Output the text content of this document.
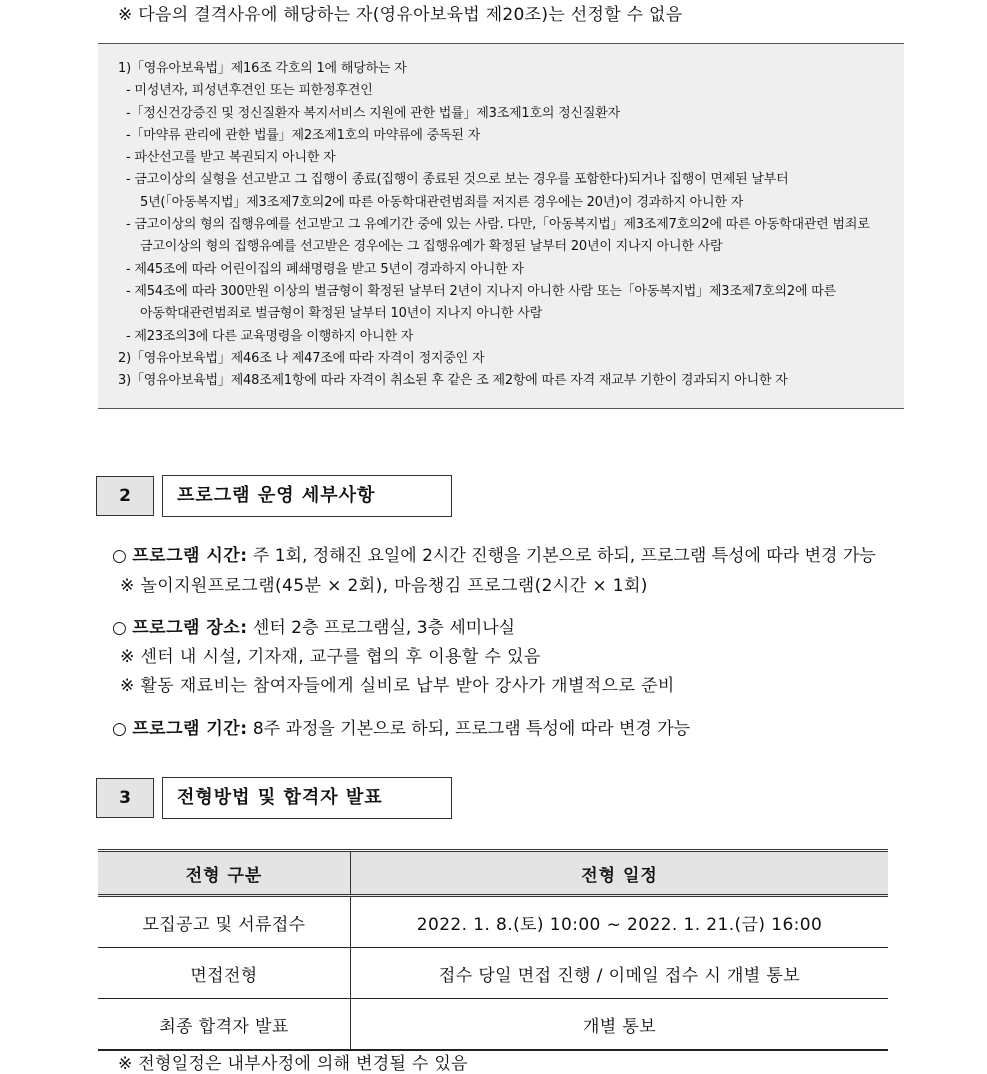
※ 다음의 결격사유에 해당하는 자(영유아보육법 제20조)는 선정할 수 없음
1)「영유아보육법」제16조 각호의 1에 해당하는 자
- 미성년자, 피성년후견인 또는 피한정후견인
-「정신건강증진 및 정신질환자 복지서비스 지원에 관한 법률」제3조제1호의 정신질환자
-「마약류 관리에 관한 법률」제2조제1호의 마약류에 중독된 자
- 파산선고를 받고 복권되지 아니한 자
- 금고이상의 실형을 선고받고 그 집행이 종료(집행이 종료된 것으로 보는 경우를 포함한다)되거나 집행이 면제된 날부터
5년(「아동복지법」제3조제7호의2에 따른 아동학대관련범죄를 저지른 경우에는 20년)이 경과하지 아니한 자
- 금고이상의 형의 집행유예를 선고받고 그 유예기간 중에 있는 사람. 다만,「아동복지법」제3조제7호의2에 따른 아동학대관련 범죄로
금고이상의 형의 집행유예를 선고받은 경우에는 그 집행유예가 확정된 날부터 20년이 지나지 아니한 사람
- 제45조에 따라 어린이집의 폐쇄명령을 받고 5년이 경과하지 아니한 자
- 제54조에 따라 300만원 이상의 벌금형이 확정된 날부터 2년이 지나지 아니한 사람 또는「아동복지법」제3조제7호의2에 따른
아동학대관련범죄로 벌금형이 확정된 날부터 10년이 지나지 아니한 사람
- 제23조의3에 다른 교육명령을 이행하지 아니한 자
2)「영유아보육법」제46조 나 제47조에 따라 자격이 정지중인 자
3)「영유아보육법」제48조제1항에 따라 자격이 취소된 후 같은 조 제2항에 따른 자격 재교부 기한이 경과되지 아니한 자
2	프로그램 운영 세부사항
○ 프로그램 시간: 주 1회, 정해진 요일에 2시간 진행을 기본으로 하되, 프로그램 특성에 따라 변경 가능
※ 놀이지원프로그램(45분 × 2회), 마음챙김 프로그램(2시간 × 1회)
○ 프로그램 장소: 센터 2층 프로그램실, 3층 세미나실
※ 센터 내 시설, 기자재, 교구를 협의 후 이용할 수 있음
※ 활동 재료비는 참여자들에게 실비로 납부 받아 강사가 개별적으로 준비
○ 프로그램 기간: 8주 과정을 기본으로 하되, 프로그램 특성에 따라 변경 가능
3	전형방법 및 합격자 발표
전형 구분	전형 일정
모집공고 및 서류접수	2022. 1. 8.(토) 10:00 ~ 2022. 1. 21.(금) 16:00
면접전형	접수 당일 면접 진행 / 이메일 접수 시 개별 통보
최종 합격자 발표	개별 통보
※ 전형일정은 내부사정에 의해 변경될 수 있음
